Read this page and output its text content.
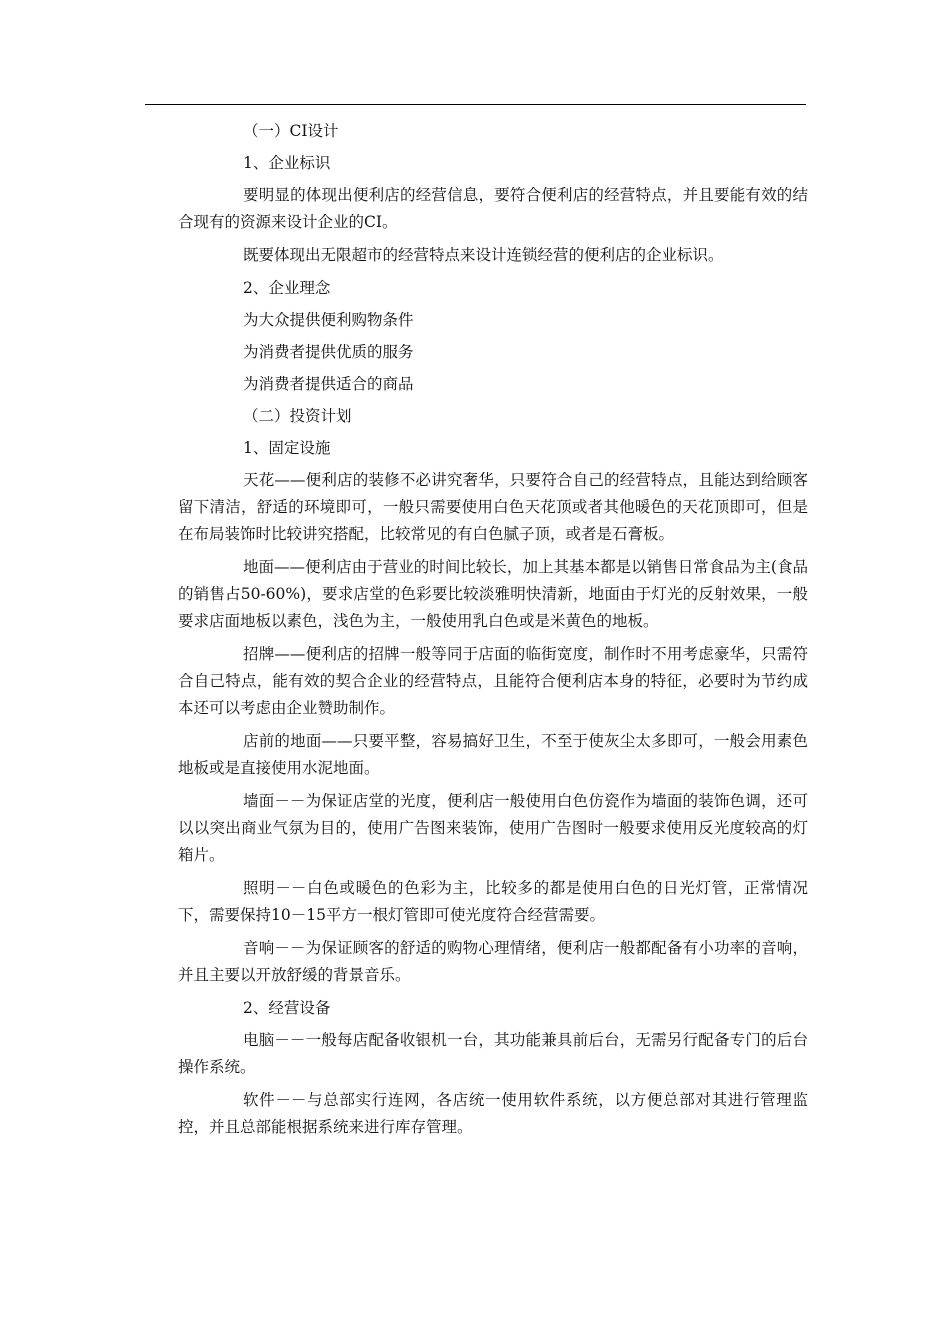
（一）CI设计

1、企业标识

要明显的体现出便利店的经营信息，要符合便利店的经营特点，并且要能有效的结合现有的资源来设计企业的CI。

既要体现出无限超市的经营特点来设计连锁经营的便利店的企业标识。

2、企业理念

为大众提供便利购物条件

为消费者提供优质的服务

为消费者提供适合的商品

（二）投资计划

1、固定设施

天花——便利店的装修不必讲究奢华，只要符合自己的经营特点，且能达到给顾客留下清洁，舒适的环境即可，一般只需要使用白色天花顶或者其他暖色的天花顶即可，但是在布局装饰时比较讲究搭配，比较常见的有白色腻子顶，或者是石膏板。

地面——便利店由于营业的时间比较长，加上其基本都是以销售日常食品为主(食品的销售占50-60%)，要求店堂的色彩要比较淡雅明快清新，地面由于灯光的反射效果，一般要求店面地板以素色，浅色为主，一般使用乳白色或是米黄色的地板。

招牌——便利店的招牌一般等同于店面的临街宽度，制作时不用考虑豪华，只需符合自己特点，能有效的契合企业的经营特点，且能符合便利店本身的特征，必要时为节约成本还可以考虑由企业赞助制作。

店前的地面——只要平整，容易搞好卫生，不至于使灰尘太多即可，一般会用素色地板或是直接使用水泥地面。

墙面－－为保证店堂的光度，便利店一般使用白色仿瓷作为墙面的装饰色调，还可以以突出商业气氛为目的，使用广告图来装饰，使用广告图时一般要求使用反光度较高的灯箱片。

照明－－白色或暖色的色彩为主，比较多的都是使用白色的日光灯管，正常情况下，需要保持10－15平方一根灯管即可使光度符合经营需要。

音响－－为保证顾客的舒适的购物心理情绪，便利店一般都配备有小功率的音响，并且主要以开放舒缓的背景音乐。

2、经营设备

电脑－－一般每店配备收银机一台，其功能兼具前后台，无需另行配备专门的后台操作系统。

软件－－与总部实行连网，各店统一使用软件系统，以方便总部对其进行管理监控，并且总部能根据系统来进行库存管理。
